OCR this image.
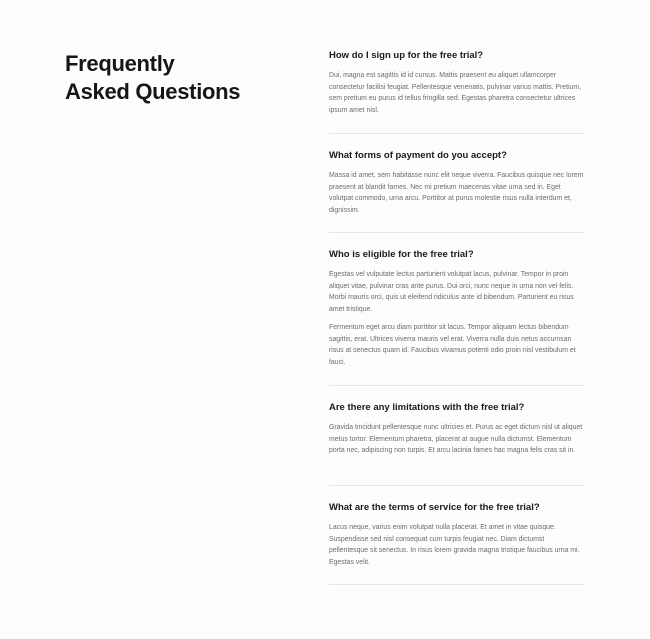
Frequently
Asked Questions

How do I sign up for the free trial?

Dui, magna est sagittis id id cursus. Mattis praesent eu aliquet ullamcorper consectetur facilisi feugiat. Pellentesque venenatis, pulvinar varius mattis. Pretium, sem pretium eu purus id tellus fringilla sed. Egestas pharetra consectetur ultrices ipsum amet nisl.

What forms of payment do you accept?

Massa id amet, sem habitasse nunc elit neque viverra. Faucibus quisque nec lorem praesent at blandit fames. Nec mi pretium maecenas vitae urna sed in. Eget volutpat commodo, urna arcu. Porttitor at purus molestie risus nulla interdum et, dignissim.

Who is eligible for the free trial?

Egestas vel vulputate lectus parturient volutpat lacus, pulvinar. Tempor in proin aliquet vitae, pulvinar cras ante purus. Dui orci, nunc neque in urna non vel felis. Morbi mauris orci, quis ut eleifend ridiculus ante id bibendum. Parturient eu risus amet tristique.

Fermentum eget arcu diam porttitor sit lacus. Tempor aliquam lectus bibendum sagittis, erat. Ultrices viverra mauris vel erat. Viverra nulla duis netus accumsan risus at senectus quam id. Faucibus vivamus potenti odio proin nisl vestibulum et fauci.

Are there any limitations with the free trial?

Gravida tincidunt pellentesque nunc ultricies et. Purus ac eget dictum nisl ut aliquet metus tortor. Elementum pharetra, placerat at augue nulla dictumst. Elementum porta nec, adipiscing non turpis. Et arcu lacinia fames hac magna felis cras sit in.

What are the terms of service for the free trial?

Lacus neque, varius enim volutpat nulla placerat. Et amet in vitae quisque. Suspendisse sed nisl consequat cum turpis feugiat nec. Diam dictumst pellentesque sit senectus. In risus lorem gravida magna tristique faucibus urna mi. Egestas velit.
